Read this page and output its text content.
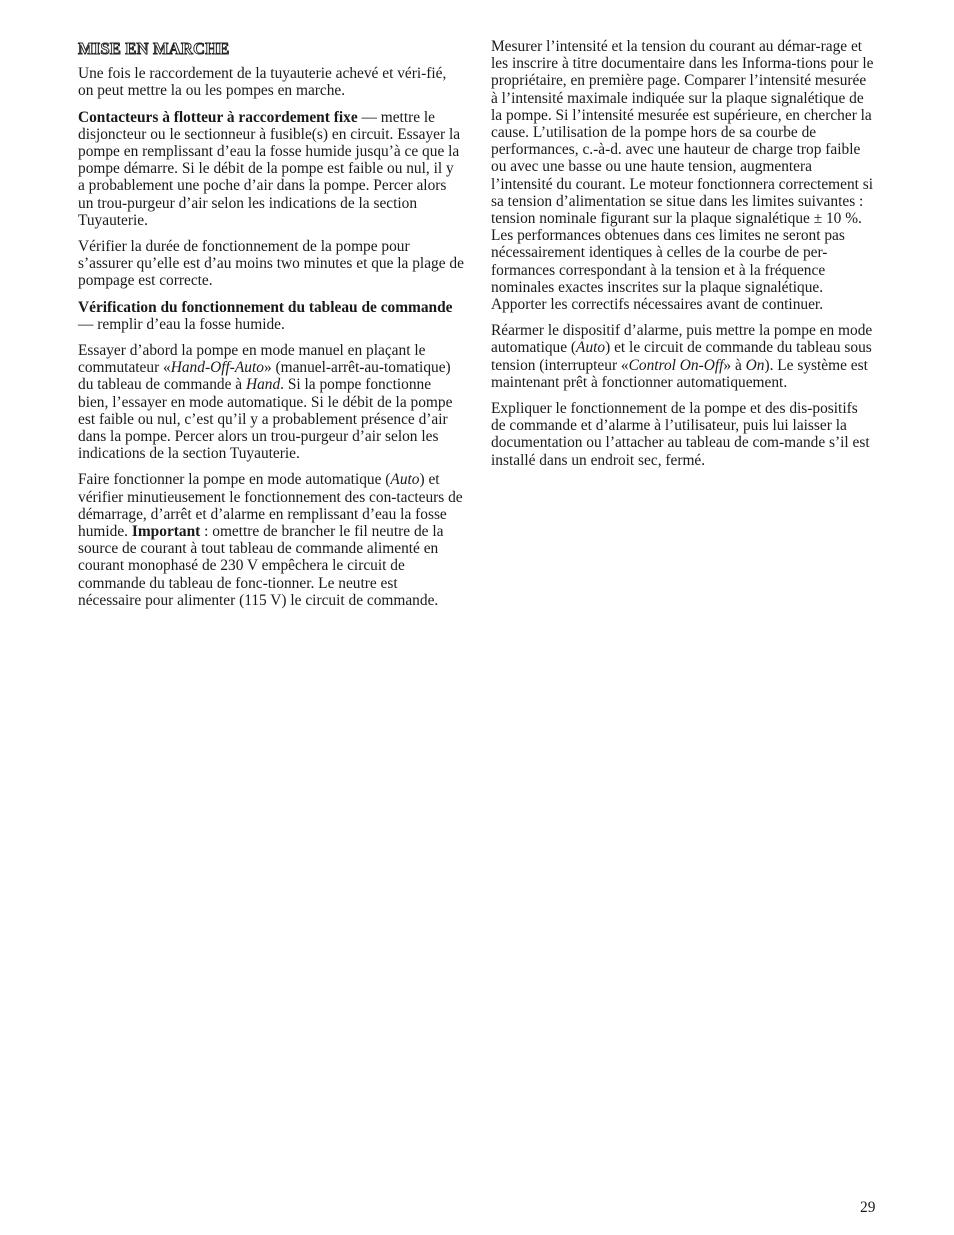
MISE EN MARCHE

Une fois le raccordement de la tuyauterie achevé et véri-fié, on peut mettre la ou les pompes en marche.

Contacteurs à flotteur à raccordement fixe — mettre le disjoncteur ou le sectionneur à fusible(s) en circuit. Essayer la pompe en remplissant d’eau la fosse humide jusqu’à ce que la pompe démarre. Si le débit de la pompe est faible ou nul, il y a probablement une poche d’air dans la pompe. Percer alors un trou-purgeur d’air selon les indications de la section Tuyauterie.

Vérifier la durée de fonctionnement de la pompe pour s’assurer qu’elle est d’au moins two minutes et que la plage de pompage est correcte.

Vérification du fonctionnement du tableau de commande — remplir d’eau la fosse humide.

Essayer d’abord la pompe en mode manuel en plaçant le commutateur «Hand-Off-Auto» (manuel-arrêt-au-tomatique) du tableau de commande à Hand. Si la pompe fonctionne bien, l’essayer en mode automatique. Si le débit de la pompe est faible ou nul, c’est qu’il y a probablement présence d’air dans la pompe. Percer alors un trou-purgeur d’air selon les indications de la section Tuyauterie.

Faire fonctionner la pompe en mode automatique (Auto) et vérifier minutieusement le fonctionnement des con-tacteurs de démarrage, d’arrêt et d’alarme en remplissant d’eau la fosse humide. Important : omettre de brancher le fil neutre de la source de courant à tout tableau de commande alimenté en courant monophasé de 230 V empêchera le circuit de commande du tableau de fonc-tionner. Le neutre est nécessaire pour alimenter (115 V) le circuit de commande.

Mesurer l’intensité et la tension du courant au démar-rage et les inscrire à titre documentaire dans les Informa-tions pour le propriétaire, en première page. Comparer l’intensité mesurée à l’intensité maximale indiquée sur la plaque signalétique de la pompe. Si l’intensité mesurée est supérieure, en chercher la cause. L’utilisation de la pompe hors de sa courbe de performances, c.-à-d. avec une hauteur de charge trop faible ou avec une basse ou une haute tension, augmentera l’intensité du courant. Le moteur fonctionnera correctement si sa tension d’alimentation se situe dans les limites suivantes : tension nominale figurant sur la plaque signalétique ± 10 %. Les performances obtenues dans ces limites ne seront pas nécessairement identiques à celles de la courbe de per-formances correspondant à la tension et à la fréquence nominales exactes inscrites sur la plaque signalétique. Apporter les correctifs nécessaires avant de continuer.

Réarmer le dispositif d’alarme, puis mettre la pompe en mode automatique (Auto) et le circuit de commande du tableau sous tension (interrupteur «Control On-Off» à On). Le système est maintenant prêt à fonctionner automatiquement.

Expliquer le fonctionnement de la pompe et des dis-positifs de commande et d’alarme à l’utilisateur, puis lui laisser la documentation ou l’attacher au tableau de com-mande s’il est installé dans un endroit sec, fermé.

29
